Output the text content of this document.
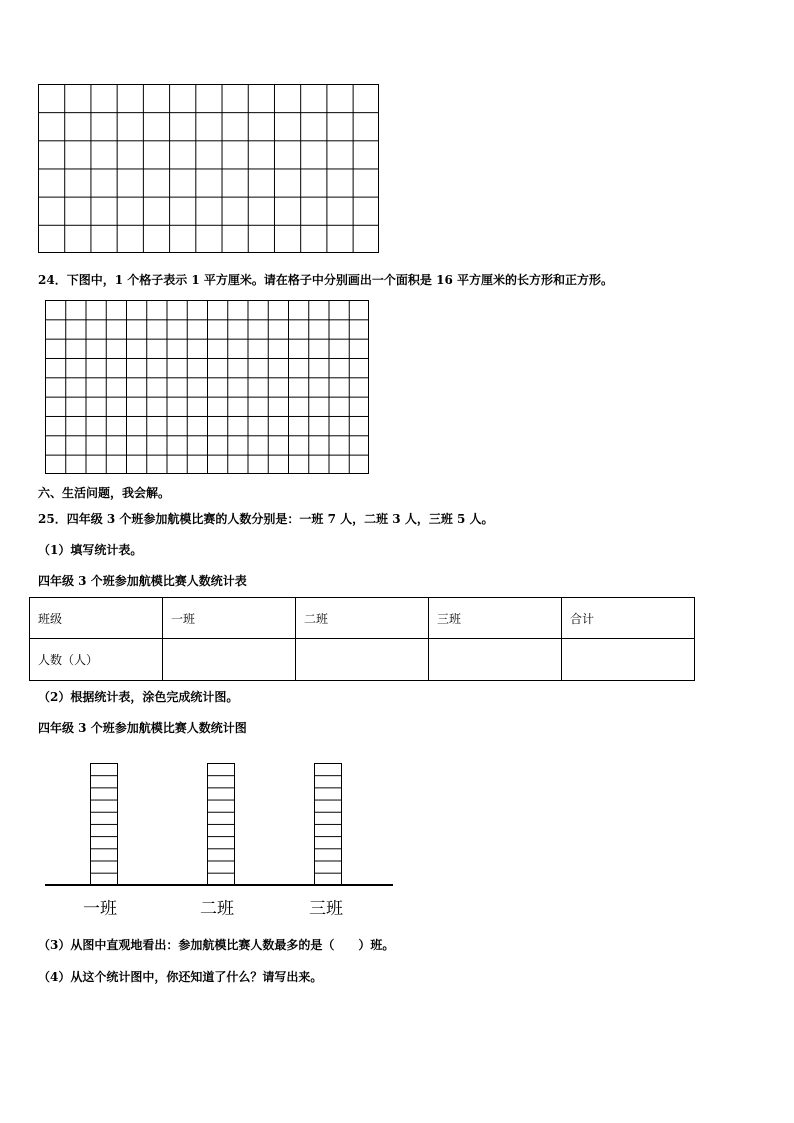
24．下图中，1 个格子表示 1 平方厘米。请在格子中分别画出一个面积是 16 平方厘米的长方形和正方形。
六、生活问题，我会解。
25．四年级 3 个班参加航模比赛的人数分别是：一班 7 人，二班 3 人，三班 5 人。
（1）填写统计表。
四年级 3 个班参加航模比赛人数统计表
班级	一班	二班	三班	合计
人数（人）				
（2）根据统计表，涂色完成统计图。
四年级 3 个班参加航模比赛人数统计图
一班	二班	三班
（3）从图中直观地看出：参加航模比赛人数最多的是（　　）班。
（4）从这个统计图中，你还知道了什么？请写出来。
